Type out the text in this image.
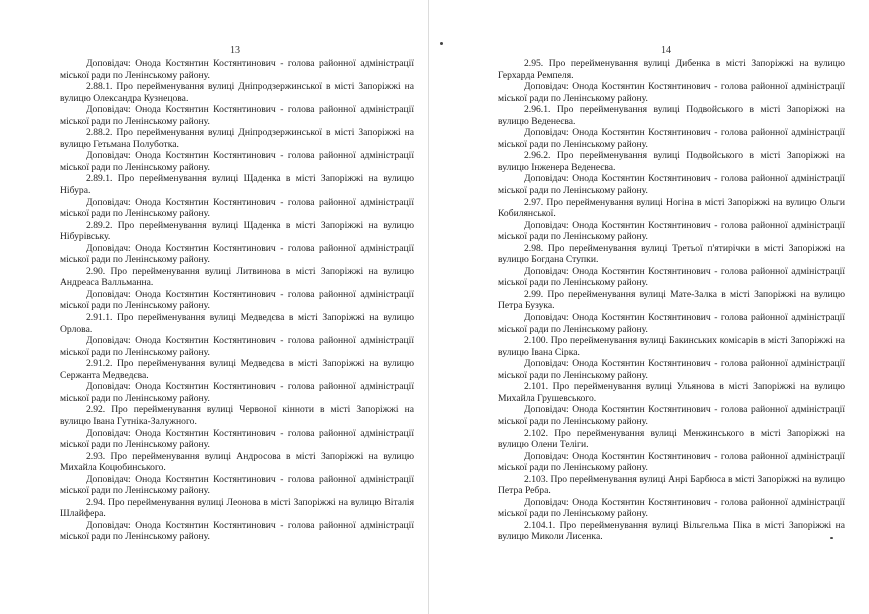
13

Доповідач: Онода Костянтин Костянтинович - голова районної адміністрації міської ради по Ленінському району.

2.88.1. Про перейменування вулиці Дніпродзержинської в місті Запоріжжі на вулицю Олександра Кузнецова.

Доповідач: Онода Костянтин Костянтинович - голова районної адміністрації міської ради по Ленінському району.

2.88.2. Про перейменування вулиці Дніпродзержинської в місті Запоріжжі на вулицю Гетьмана Полуботка.

Доповідач: Онода Костянтин Костянтинович - голова районної адміністрації міської ради по Ленінському району.

2.89.1. Про перейменування вулиці Щаденка в місті Запоріжжі на вулицю Нібура.

Доповідач: Онода Костянтин Костянтинович - голова районної адміністрації міської ради по Ленінському району.

2.89.2. Про перейменування вулиці Щаденка в місті Запоріжжі на вулицю Нібурівську.

Доповідач: Онода Костянтин Костянтинович - голова районної адміністрації міської ради по Ленінському району.

2.90. Про перейменування вулиці Литвинова в місті Запоріжжі на вулицю Андреаса Валльманна.

Доповідач: Онода Костянтин Костянтинович - голова районної адміністрації міської ради по Ленінському району.

2.91.1. Про перейменування вулиці Медведєва в місті Запоріжжі на вулицю Орлова.

Доповідач: Онода Костянтин Костянтинович - голова районної адміністрації міської ради по Ленінському району.

2.91.2. Про перейменування вулиці Медведєва в місті Запоріжжі на вулицю Сержанта Медведєва.

Доповідач: Онода Костянтин Костянтинович - голова районної адміністрації міської ради по Ленінському району.

2.92. Про перейменування вулиці Червоної кінноти в місті Запоріжжі на вулицю Івана Гутніка-Залужного.

Доповідач: Онода Костянтин Костянтинович - голова районної адміністрації міської ради по Ленінському району.

2.93. Про перейменування вулиці Андросова в місті Запоріжжі на вулицю Михайла Коцюбинського.

Доповідач: Онода Костянтин Костянтинович - голова районної адміністрації міської ради по Ленінському району.

2.94. Про перейменування вулиці Леонова в місті Запоріжжі на вулицю Віталія Шлайфера.

Доповідач: Онода Костянтин Костянтинович - голова районної адміністрації міської ради по Ленінському району.

14

2.95. Про перейменування вулиці Дибенка в місті Запоріжжі на вулицю Герхарда Ремпеля.

Доповідач: Онода Костянтин Костянтинович - голова районної адміністрації міської ради по Ленінському району.

2.96.1. Про перейменування вулиці Подвойського в місті Запоріжжі на вулицю Веденеєва.

Доповідач: Онода Костянтин Костянтинович - голова районної адміністрації міської ради по Ленінському району.

2.96.2. Про перейменування вулиці Подвойського в місті Запоріжжі на вулицю Інженера Веденеєва.

Доповідач: Онода Костянтин Костянтинович - голова районної адміністрації міської ради по Ленінському району.

2.97. Про перейменування вулиці Ногіна в місті Запоріжжі на вулицю Ольги Кобилянської.

Доповідач: Онода Костянтин Костянтинович - голова районної адміністрації міської ради по Ленінському району.

2.98. Про перейменування вулиці Третьої п'ятирічки в місті Запоріжжі на вулицю Богдана Ступки.

Доповідач: Онода Костянтин Костянтинович - голова районної адміністрації міської ради по Ленінському району.

2.99. Про перейменування вулиці Мате-Залка в місті Запоріжжі на вулицю Петра Бузука.

Доповідач: Онода Костянтин Костянтинович - голова районної адміністрації міської ради по Ленінському району.

2.100. Про перейменування вулиці Бакинських комісарів в місті Запоріжжі на вулицю Івана Сірка.

Доповідач: Онода Костянтин Костянтинович - голова районної адміністрації міської ради по Ленінському району.

2.101. Про перейменування вулиці Ульянова в місті Запоріжжі на вулицю Михайла Грушевського.

Доповідач: Онода Костянтин Костянтинович - голова районної адміністрації міської ради по Ленінському району.

2.102. Про перейменування вулиці Менжинського в місті Запоріжжі на вулицю Олени Теліги.

Доповідач: Онода Костянтин Костянтинович - голова районної адміністрації міської ради по Ленінському району.

2.103. Про перейменування вулиці Анрі Барбюса в місті Запоріжжі на вулицю Петра Ребра.

Доповідач: Онода Костянтин Костянтинович - голова районної адміністрації міської ради по Ленінському району.

2.104.1. Про перейменування вулиці Вільгельма Піка в місті Запоріжжі на вулицю Миколи Лисенка.
